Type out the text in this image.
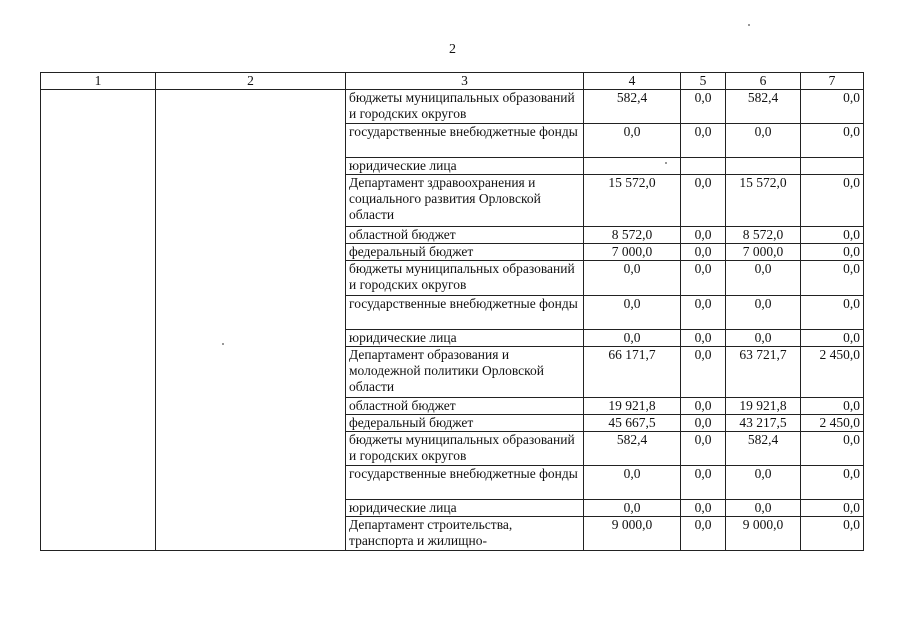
2
1	2	3	4	5	6	7
		бюджеты муниципальных образований и городских округов	582,4	0,0	582,4	0,0
		государственные внебюджетные фонды	0,0	0,0	0,0	0,0
		юридические лица				
		Департамент здравоохранения и социального развития Орловской области	15 572,0	0,0	15 572,0	0,0
		областной бюджет	8 572,0	0,0	8 572,0	0,0
		федеральный бюджет	7 000,0	0,0	7 000,0	0,0
		бюджеты муниципальных образований и городских округов	0,0	0,0	0,0	0,0
		государственные внебюджетные фонды	0,0	0,0	0,0	0,0
		юридические лица	0,0	0,0	0,0	0,0
		Департамент образования и молодежной политики Орловской области	66 171,7	0,0	63 721,7	2 450,0
		областной бюджет	19 921,8	0,0	19 921,8	0,0
		федеральный бюджет	45 667,5	0,0	43 217,5	2 450,0
		бюджеты муниципальных образований и городских округов	582,4	0,0	582,4	0,0
		государственные внебюджетные фонды	0,0	0,0	0,0	0,0
		юридические лица	0,0	0,0	0,0	0,0
		Департамент строительства, транспорта и жилищно-	9 000,0	0,0	9 000,0	0,0
